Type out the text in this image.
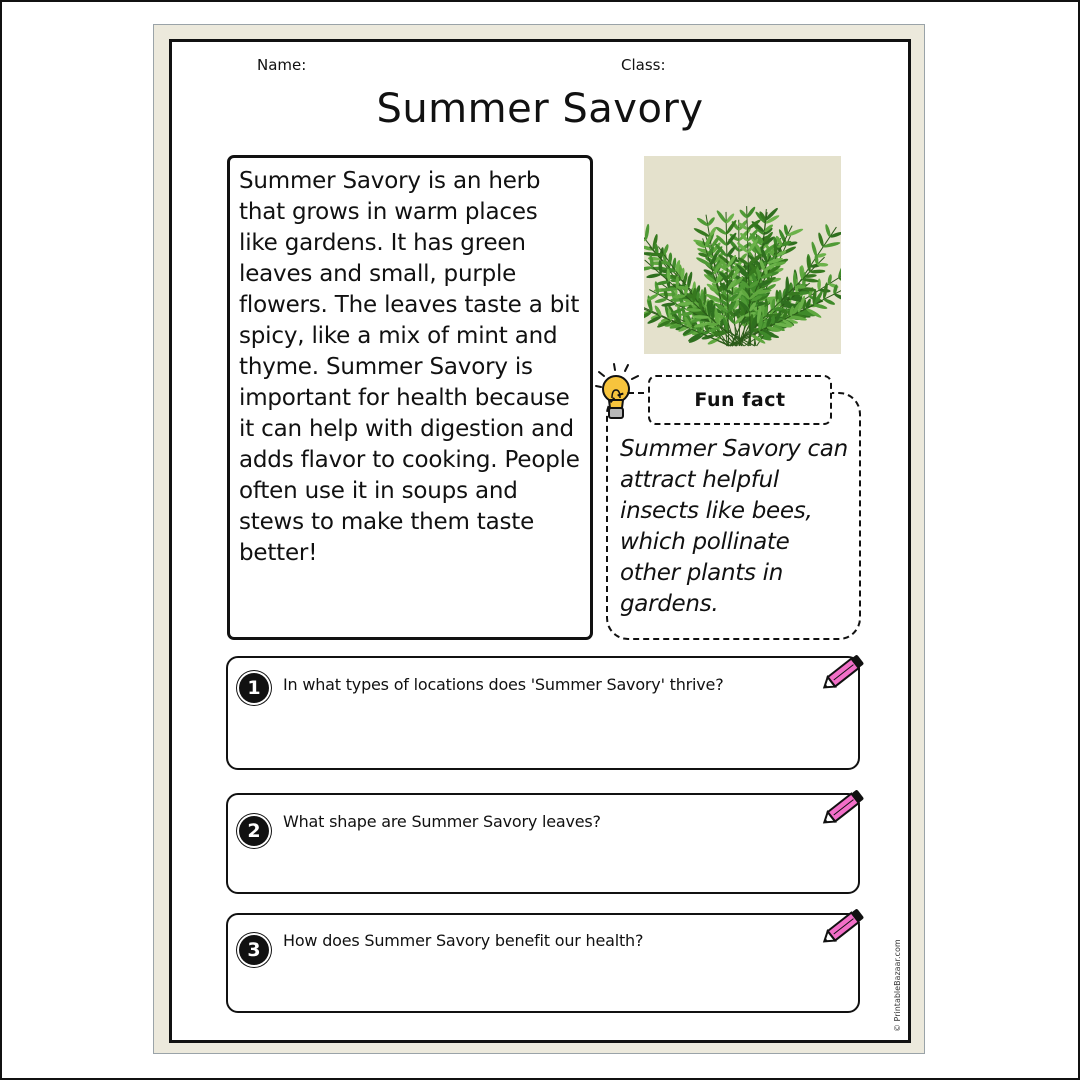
Name:	Class:
Summer Savory

Summer Savory is an herb that grows in warm places like gardens. It has green leaves and small, purple flowers. The leaves taste a bit spicy, like a mix of mint and thyme. Summer Savory is important for health because it can help with digestion and adds flavor to cooking. People often use it in soups and stews to make them taste better!

Summer Savory can attract helpful insects like bees, which pollinate other plants in gardens.

Fun fact
1	In what types of locations does 'Summer Savory' thrive?
2	What shape are Summer Savory leaves?
3	How does Summer Savory benefit our health?	© PrintableBazaar.com
